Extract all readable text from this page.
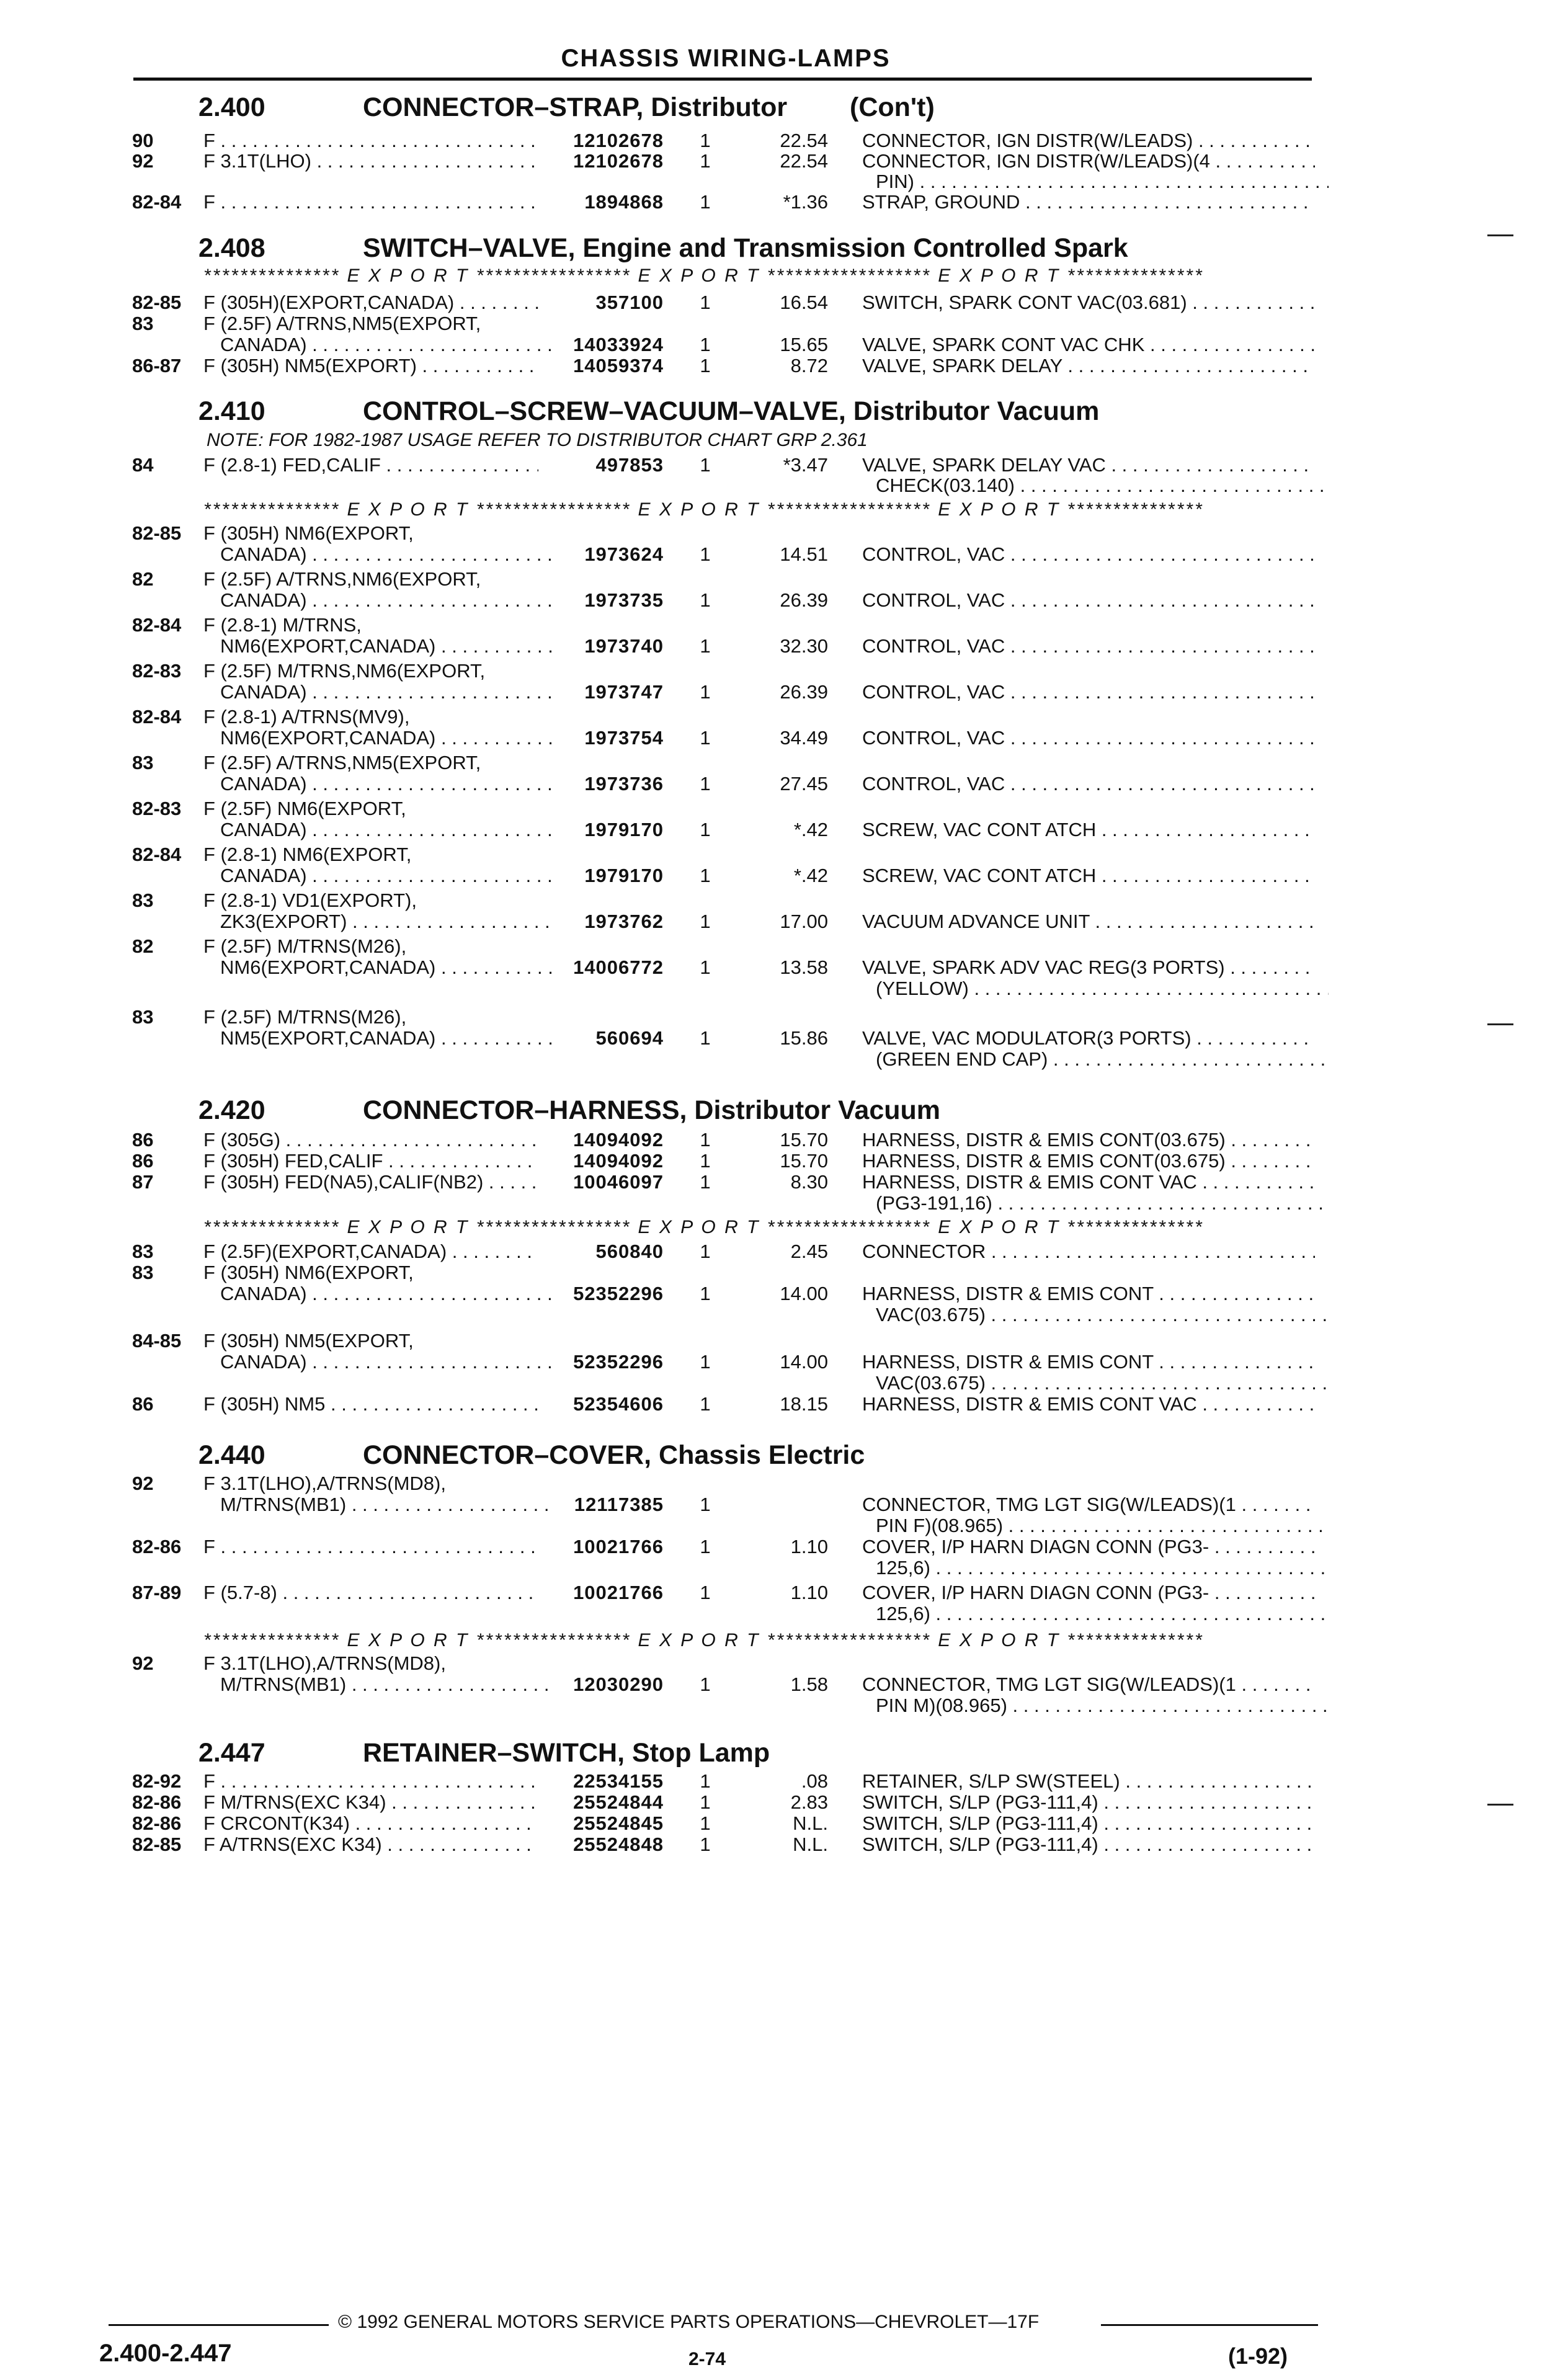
CHASSIS WIRING-LAMPS
2.400	CONNECTOR–STRAP, Distributor (Con't)
90	F . . .	12102678 1	22.54 CONNECTOR, IGN DISTR(W/LEADS) . . .
92	F 3.1T(LHO) . . .	12102678 1	22.54 CONNECTOR, IGN DISTR(W/LEADS)(4 . . .
PIN) . . .
82-84	F . . .	1894868 1	*1.36 STRAP, GROUND . . .
82-85	F (305H)(EXPORT,CANADA) . . .	357100 1	16.54 SWITCH, SPARK CONT VAC(03.681) . . .
83	F (2.5F) A/TRNS,NM5(EXPORT,
CANADA) . . .	14033924 1	15.65 VALVE, SPARK CONT VAC CHK . . .
86-87	F (305H) NM5(EXPORT) . . .	14059374 1	8.72 VALVE, SPARK DELAY . . .
84	F (2.8-1) FED,CALIF . . .	497853 1	*3.47 VALVE, SPARK DELAY VAC . . .
CHECK(03.140) . . .
82-85	F (305H) NM6(EXPORT,
CANADA) . . .	1973624 1	14.51 CONTROL, VAC . . .
82	F (2.5F) A/TRNS,NM6(EXPORT,
CANADA) . . .	1973735 1	26.39 CONTROL, VAC . . .
82-84	F (2.8-1) M/TRNS,
NM6(EXPORT,CANADA) . . .	1973740 1	32.30 CONTROL, VAC . . .
82-83	F (2.5F) M/TRNS,NM6(EXPORT,
CANADA) . . .	1973747 1	26.39 CONTROL, VAC . . .
82-84	F (2.8-1) A/TRNS(MV9),
NM6(EXPORT,CANADA) . . .	1973754 1	34.49 CONTROL, VAC . . .
83	F (2.5F) A/TRNS,NM5(EXPORT,
CANADA) . . .	1973736 1	27.45 CONTROL, VAC . . .
82-83	F (2.5F) NM6(EXPORT,
CANADA) . . .	1979170 1	*.42 SCREW, VAC CONT ATCH . . .
82-84	F (2.8-1) NM6(EXPORT,
CANADA) . . .	1979170 1	*.42 SCREW, VAC CONT ATCH . . .
83	F (2.8-1) VD1(EXPORT),
ZK3(EXPORT) . . .	1973762 1	17.00 VACUUM ADVANCE UNIT . . .
82	F (2.5F) M/TRNS(M26),
NM6(EXPORT,CANADA) . . .	14006772 1	13.58 VALVE, SPARK ADV VAC REG(3 PORTS) . . .
(YELLOW) . . .
83	F (2.5F) M/TRNS(M26),
NM5(EXPORT,CANADA) . . .	560694 1	15.86 VALVE, VAC MODULATOR(3 PORTS) . . .
(GREEN END CAP) . . .
86	F (305G) . . .	14094092 1	15.70 HARNESS, DISTR & EMIS CONT(03.675) . . .
86	F (305H) FED,CALIF . . .	14094092 1	15.70 HARNESS, DISTR & EMIS CONT(03.675) . . .
87	F (305H) FED(NA5),CALIF(NB2) . . .	10046097 1	8.30 HARNESS, DISTR & EMIS CONT VAC . . .
(PG3-191,16) . . .
83	F (2.5F)(EXPORT,CANADA) . . .	560840 1	2.45 CONNECTOR . . .
83	F (305H) NM6(EXPORT,
CANADA) . . .	52352296 1	14.00 HARNESS, DISTR & EMIS CONT . . .
VAC(03.675) . . .
84-85	F (305H) NM5(EXPORT,
CANADA) . . .	52352296 1	14.00 HARNESS, DISTR & EMIS CONT . . .
VAC(03.675) . . .
86	F (305H) NM5 . . .	52354606 1	18.15 HARNESS, DISTR & EMIS CONT VAC . . .
92	F 3.1T(LHO),A/TRNS(MD8),
M/TRNS(MB1) . . .	12117385 1	CONNECTOR, TMG LGT SIG(W/LEADS)(1 . . .
PIN F)(08.965) . . .
82-86	F . . .	10021766 1	1.10 COVER, I/P HARN DIAGN CONN (PG3- . . .
125,6) . . .
87-89	F (5.7-8) . . .	10021766 1	1.10 COVER, I/P HARN DIAGN CONN (PG3- . . .
125,6) . . .
92	F 3.1T(LHO),A/TRNS(MD8),
M/TRNS(MB1) . . .	12030290 1	1.58 CONNECTOR, TMG LGT SIG(W/LEADS)(1 . . .
PIN M)(08.965) . . .
82-92	F . . .	22534155 1	.08 RETAINER, S/LP SW(STEEL) . . .
82-86	F M/TRNS(EXC K34) . . .	25524844 1	2.83 SWITCH, S/LP (PG3-111,4) . . .
82-86	F CRCONT(K34) . . .	25524845 1	N.L. SWITCH, S/LP (PG3-111,4) . . .
82-85	F A/TRNS(EXC K34) . . .	25524848 1	N.L. SWITCH, S/LP (PG3-111,4) . . .
2.408	SWITCH–VALVE, Engine and Transmission Controlled Spark
2.410	CONTROL–SCREW–VACUUM–VALVE, Distributor Vacuum
NOTE: FOR 1982-1987 USAGE REFER TO DISTRIBUTOR CHART GRP 2.361
2.420	CONNECTOR–HARNESS, Distributor Vacuum
2.440	CONNECTOR–COVER, Chassis Electric
2.447	RETAINER–SWITCH, Stop Lamp
*************** E X P O R T ***************** E X P O R T ****************** E X P O R T ***************
*************** E X P O R T ***************** E X P O R T ****************** E X P O R T ***************
*************** E X P O R T ***************** E X P O R T ****************** E X P O R T ***************
*************** E X P O R T ***************** E X P O R T ****************** E X P O R T ***************
© 1992 GENERAL MOTORS SERVICE PARTS OPERATIONS—CHEVROLET—17F
2.400-2.447	2-74	(1-92)
